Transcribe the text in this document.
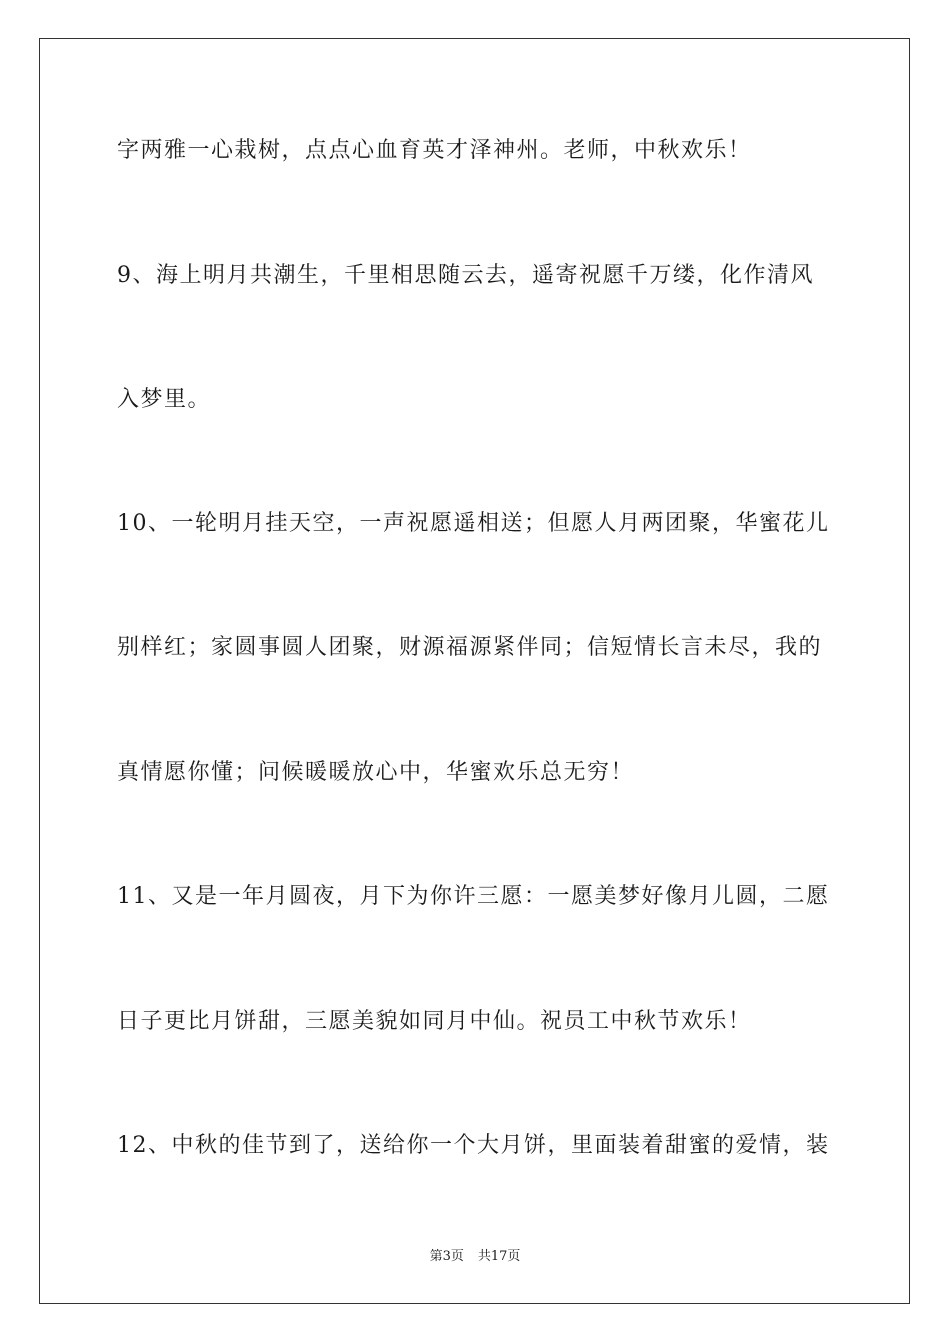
字两雅一心栽树，点点心血育英才泽神州。老师，中秋欢乐！
9、海上明月共潮生，千里相思随云去，遥寄祝愿千万缕，化作清风
入梦里。
10、一轮明月挂天空，一声祝愿遥相送；但愿人月两团聚，华蜜花儿
别样红；家圆事圆人团聚，财源福源紧伴同；信短情长言未尽，我的
真情愿你懂；问候暖暖放心中，华蜜欢乐总无穷！
11、又是一年月圆夜，月下为你许三愿：一愿美梦好像月儿圆，二愿
日子更比月饼甜，三愿美貌如同月中仙。祝员工中秋节欢乐！
12、中秋的佳节到了，送给你一个大月饼，里面装着甜蜜的爱情，装
第3页 共17页
